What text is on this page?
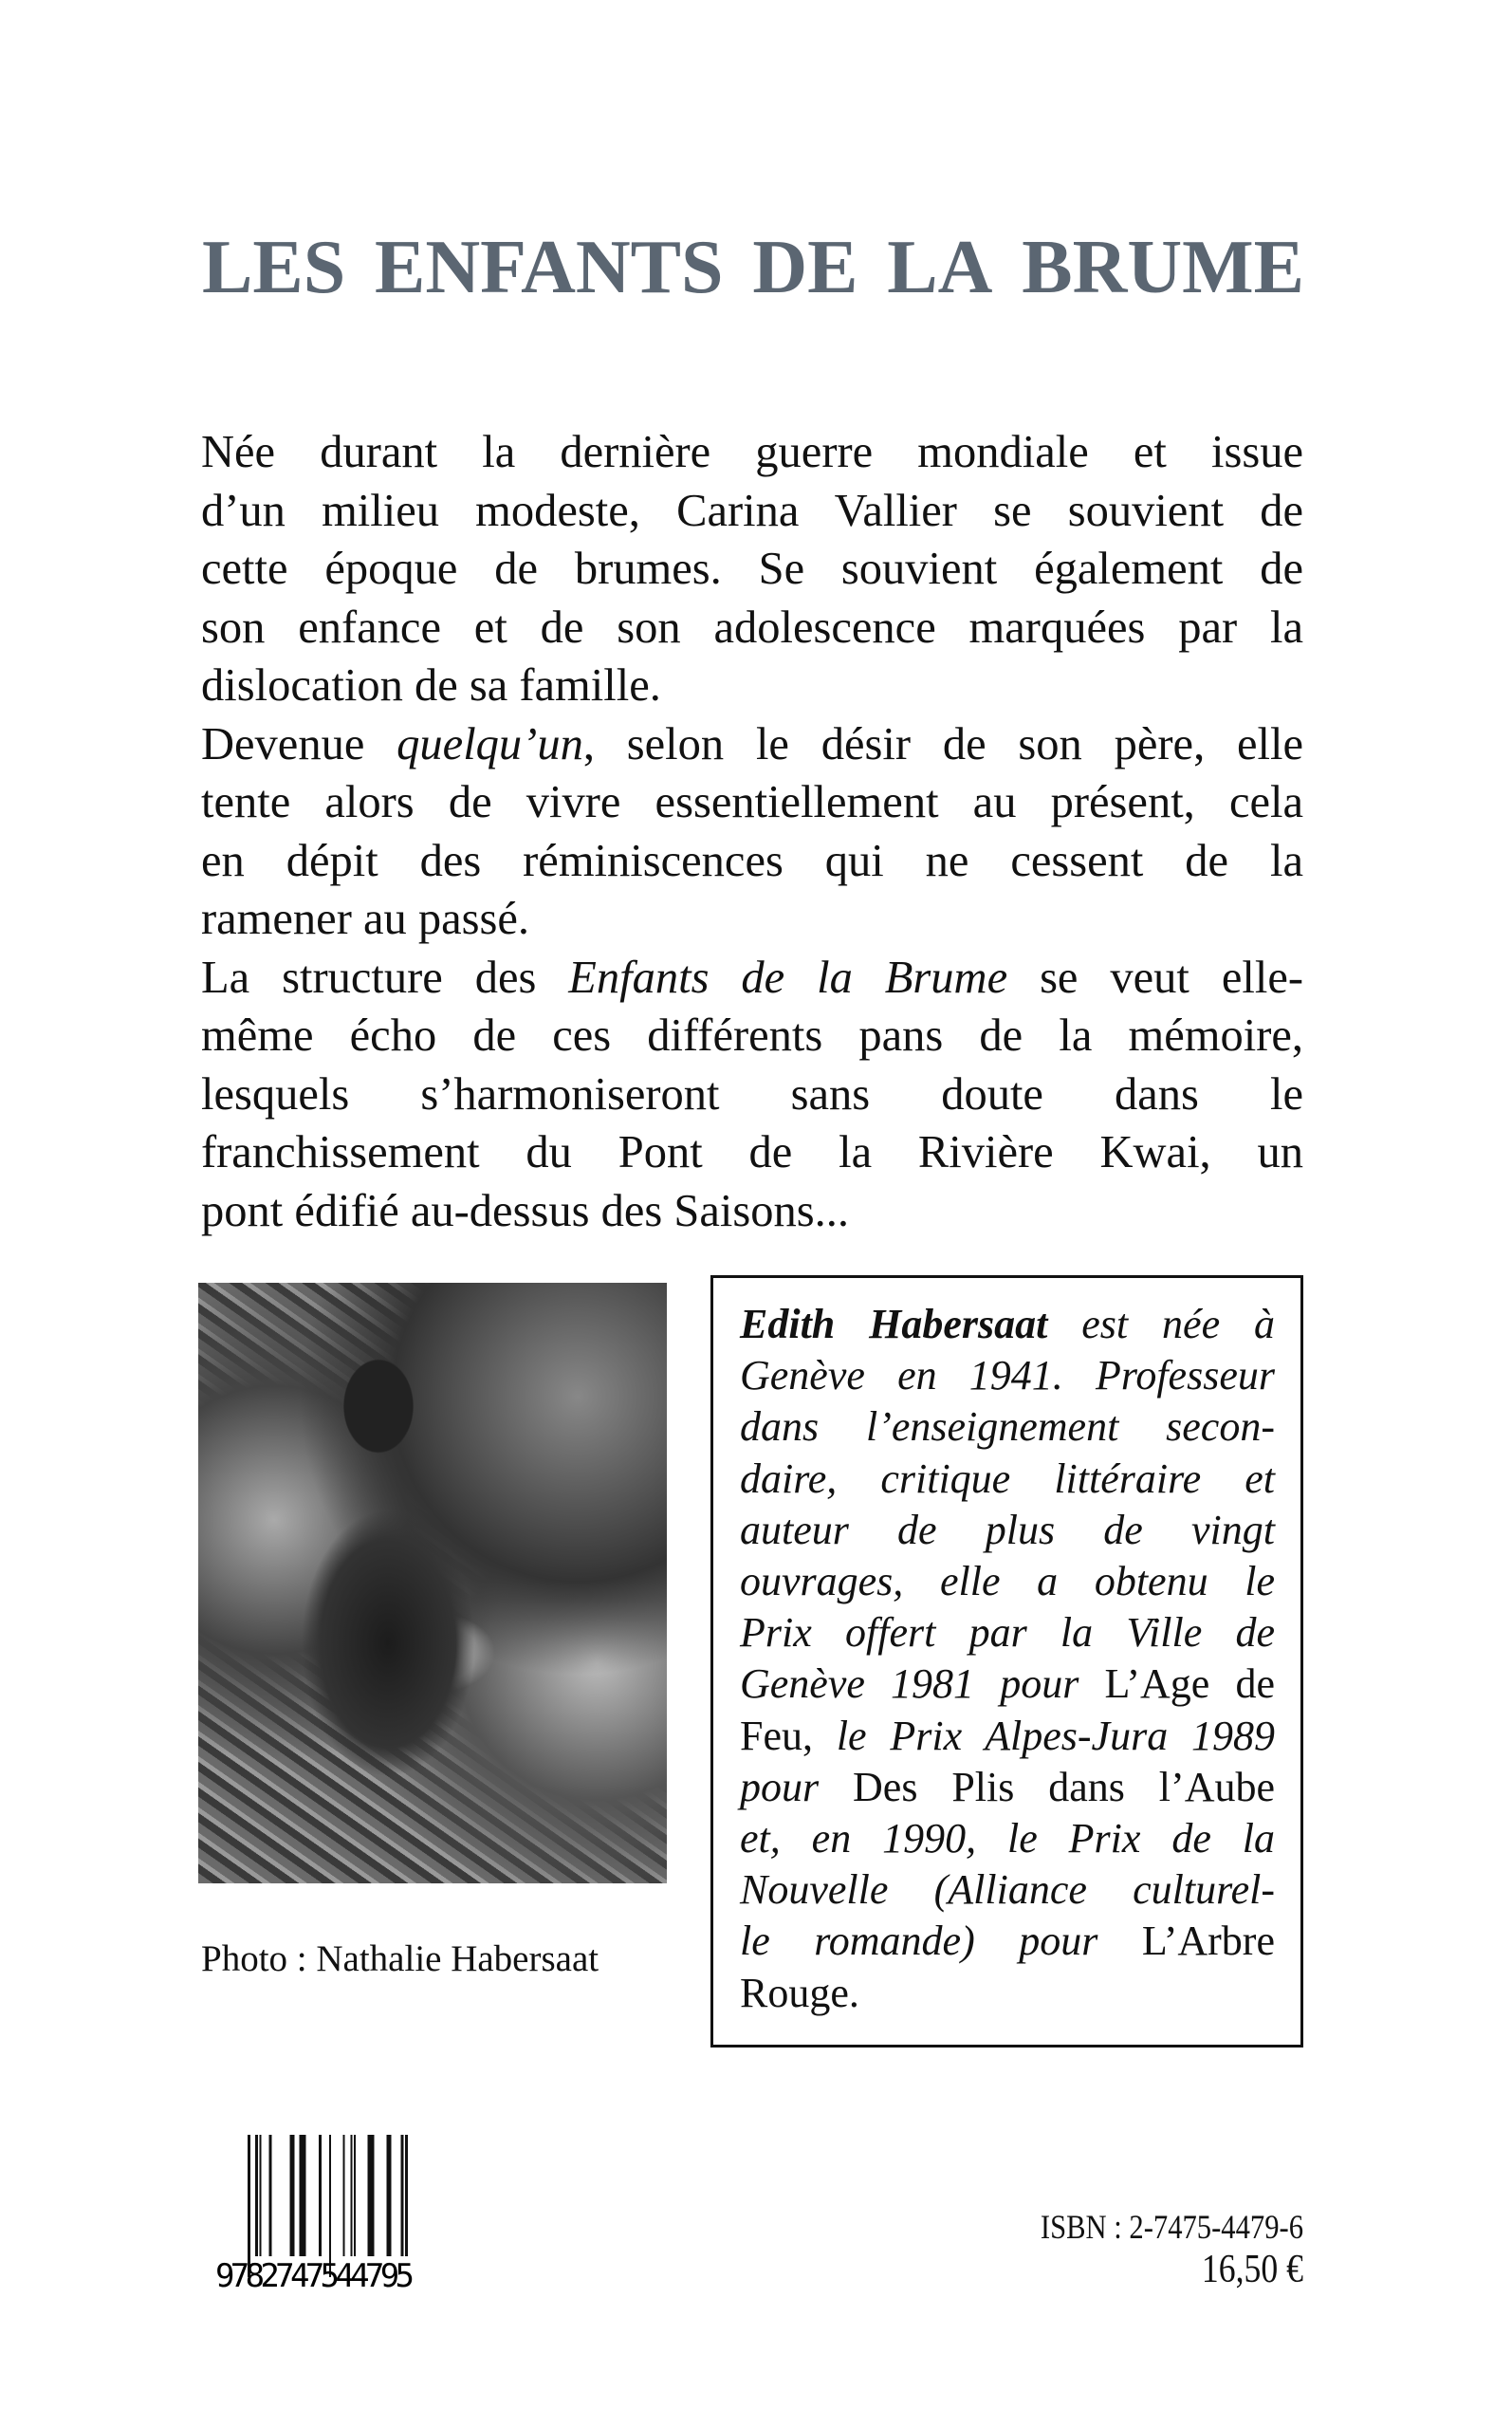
LES ENFANTS DE LA BRUME
Née durant la dernière guerre mondiale et issue
d’un milieu modeste, Carina Vallier se souvient de
cette époque de brumes. Se souvient également de
son enfance et de son adolescence marquées par la
dislocation de sa famille.
Devenue quelqu’un, selon le désir de son père, elle
tente alors de vivre essentiellement au présent, cela
en dépit des réminiscences qui ne cessent de la
ramener au passé.
La structure des Enfants de la Brume se veut elle-
même écho de ces différents pans de la mémoire,
lesquels s’harmoniseront sans doute dans le
franchissement du Pont de la Rivière Kwai, un
pont édifié au-dessus des Saisons...
Photo : Nathalie Habersaat
Edith Habersaat est née à
Genève en 1941. Professeur
dans l’enseignement secon-
daire, critique littéraire et
auteur de plus de vingt
ouvrages, elle a obtenu le
Prix offert par la Ville de
Genève 1981 pour L’Age de
Feu, le Prix Alpes-Jura 1989
pour Des Plis dans l’Aube
et, en 1990, le Prix de la
Nouvelle (Alliance culturel-
le romande) pour L’Arbre
Rouge.
9782747544795
ISBN : 2-7475-4479-6
16,50 €
